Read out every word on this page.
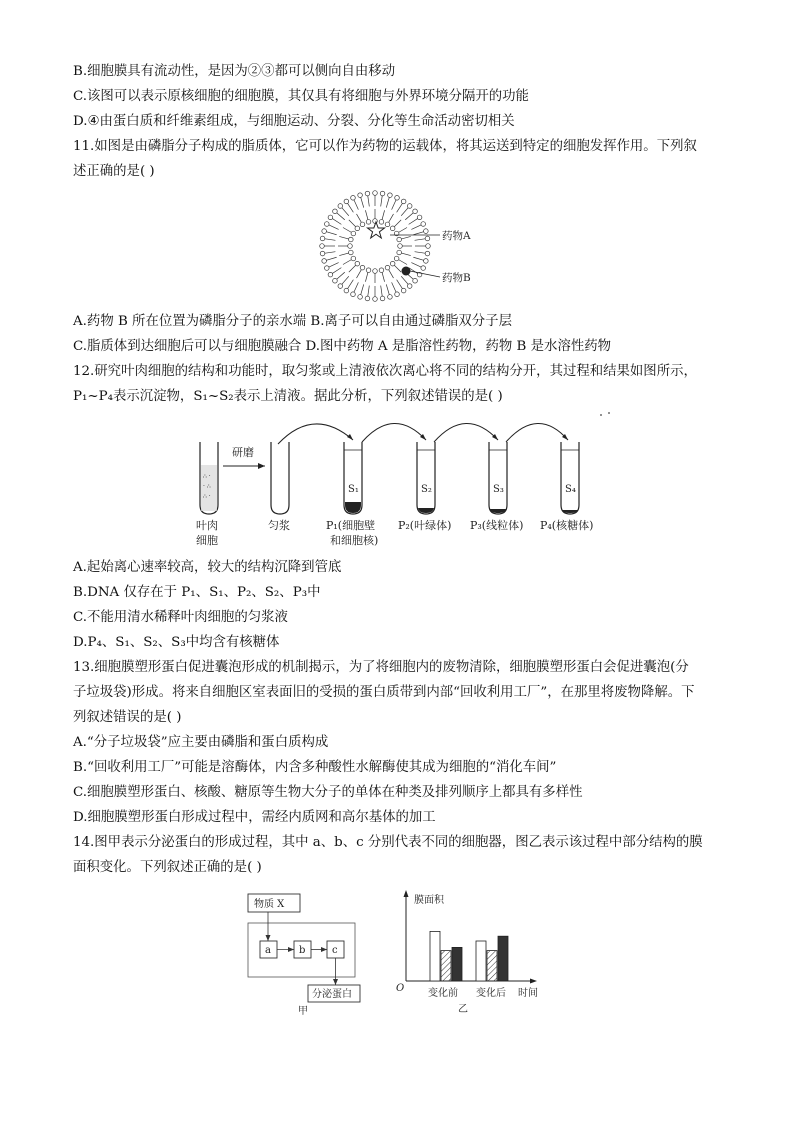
B.细胞膜具有流动性，是因为②③都可以侧向自由移动
C.该图可以表示原核细胞的细胞膜，其仅具有将细胞与外界环境分隔开的功能
D.④由蛋白质和纤维素组成，与细胞运动、分裂、分化等生命活动密切相关
11.如图是由磷脂分子构成的脂质体，它可以作为药物的运载体，将其运送到特定的细胞发挥作用。下列叙
述正确的是( )
药物A
药物B
A.药物 B 所在位置为磷脂分子的亲水端 B.离子可以自由通过磷脂双分子层
C.脂质体到达细胞后可以与细胞膜融合 D.图中药物 A 是脂溶性药物，药物 B 是水溶性药物
12.研究叶肉细胞的结构和功能时，取匀浆或上清液依次离心将不同的结构分开，其过程和结果如图所示，
P₁~P₄表示沉淀物，S₁~S₂表示上清液。据此分析，下列叙述错误的是( )
∴ ·
· ∴
∴ ·
研磨
S₁	S₂	S₃	S₄
叶肉
细胞
匀浆	P₁(细胞壁
和细胞核)
P₂(叶绿体) P₃(线粒体) P₄(核糖体)
A.起始离心速率较高，较大的结构沉降到管底
B.DNA 仅存在于 P₁、S₁、P₂、S₂、P₃中
C.不能用清水稀释叶肉细胞的匀浆液
D.P₄、S₁、S₂、S₃中均含有核糖体
13.细胞膜塑形蛋白促进囊泡形成的机制揭示，为了将细胞内的废物清除，细胞膜塑形蛋白会促进囊泡(分
子垃圾袋)形成。将来自细胞区室表面旧的受损的蛋白质带到内部“回收利用工厂”，在那里将废物降解。下
列叙述错误的是( )
A.“分子垃圾袋”应主要由磷脂和蛋白质构成
B.“回收利用工厂”可能是溶酶体，内含多种酸性水解酶使其成为细胞的“消化车间”
C.细胞膜塑形蛋白、核酸、糖原等生物大分子的单体在种类及排列顺序上都具有多样性
D.细胞膜塑形蛋白形成过程中，需经内质网和高尔基体的加工
14.图甲表示分泌蛋白的形成过程，其中 a、b、c 分别代表不同的细胞器，图乙表示该过程中部分结构的膜
面积变化。下列叙述正确的是( )
物质 X
a	b	c
分泌蛋白
甲
膜面积
O 变化前 变化后 时间
乙
